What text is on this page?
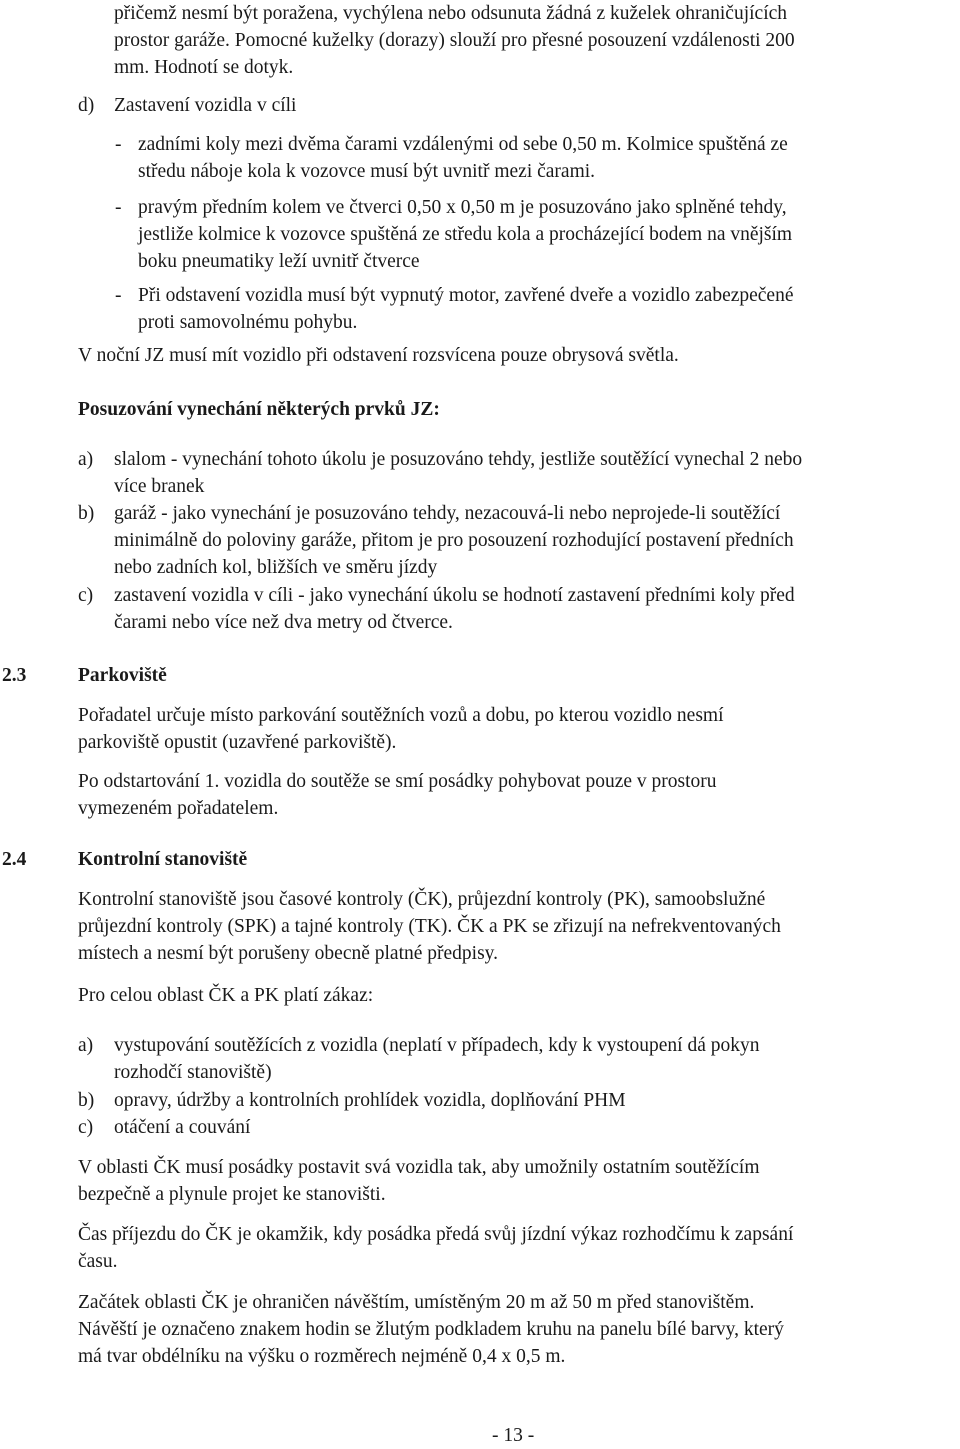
přičemž nesmí být poražena, vychýlena nebo odsunuta žádná z kuželek ohraničujících
prostor garáže. Pomocné kuželky (dorazy) slouží pro přesné posouzení vzdálenosti 200
mm. Hodnotí se dotyk.
d) Zastavení vozidla v cíli
- zadními koly mezi dvěma čarami vzdálenými od sebe 0,50 m. Kolmice spuštěná ze
středu náboje kola k vozovce musí být uvnitř mezi čarami.
- pravým předním kolem ve čtverci 0,50 x 0,50 m je posuzováno jako splněné tehdy,
jestliže kolmice k vozovce spuštěná ze středu kola a procházející bodem na vnějším
boku pneumatiky leží uvnitř čtverce
- Při odstavení vozidla musí být vypnutý motor, zavřené dveře a vozidlo zabezpečené
proti samovolnému pohybu.
V noční JZ musí mít vozidlo při odstavení rozsvícena pouze obrysová světla.
Posuzování vynechání některých prvků JZ:
a) slalom - vynechání tohoto úkolu je posuzováno tehdy, jestliže soutěžící vynechal 2 nebo
více branek
b) garáž - jako vynechání je posuzováno tehdy, nezacouvá-li nebo neprojede-li soutěžící
minimálně do poloviny garáže, přitom je pro posouzení rozhodující postavení předních
nebo zadních kol, bližších ve směru jízdy
c) zastavení vozidla v cíli - jako vynechání úkolu se hodnotí zastavení předními koly před
čarami nebo více než dva metry od čtverce.
2.3	Parkoviště
Pořadatel určuje místo parkování soutěžních vozů a dobu, po kterou vozidlo nesmí
parkoviště opustit (uzavřené parkoviště).
Po odstartování 1. vozidla do soutěže se smí posádky pohybovat pouze v prostoru
vymezeném pořadatelem.
2.4	Kontrolní stanoviště
Kontrolní stanoviště jsou časové kontroly (ČK), průjezdní kontroly (PK), samoobslužné
průjezdní kontroly (SPK) a tajné kontroly (TK). ČK a PK se zřizují na nefrekventovaných
místech a nesmí být porušeny obecně platné předpisy.
Pro celou oblast ČK a PK platí zákaz:
a) vystupování soutěžících z vozidla (neplatí v případech, kdy k vystoupení dá pokyn
rozhodčí stanoviště)
b) opravy, údržby a kontrolních prohlídek vozidla, doplňování PHM
c) otáčení a couvání
V oblasti ČK musí posádky postavit svá vozidla tak, aby umožnily ostatním soutěžícím
bezpečně a plynule projet ke stanovišti.
Čas příjezdu do ČK je okamžik, kdy posádka předá svůj jízdní výkaz rozhodčímu k zapsání
času.
Začátek oblasti ČK je ohraničen návěštím, umístěným 20 m až 50 m před stanovištěm.
Návěští je označeno znakem hodin se žlutým podkladem kruhu na panelu bílé barvy, který
má tvar obdélníku na výšku o rozměrech nejméně 0,4 x 0,5 m.
- 13 -
